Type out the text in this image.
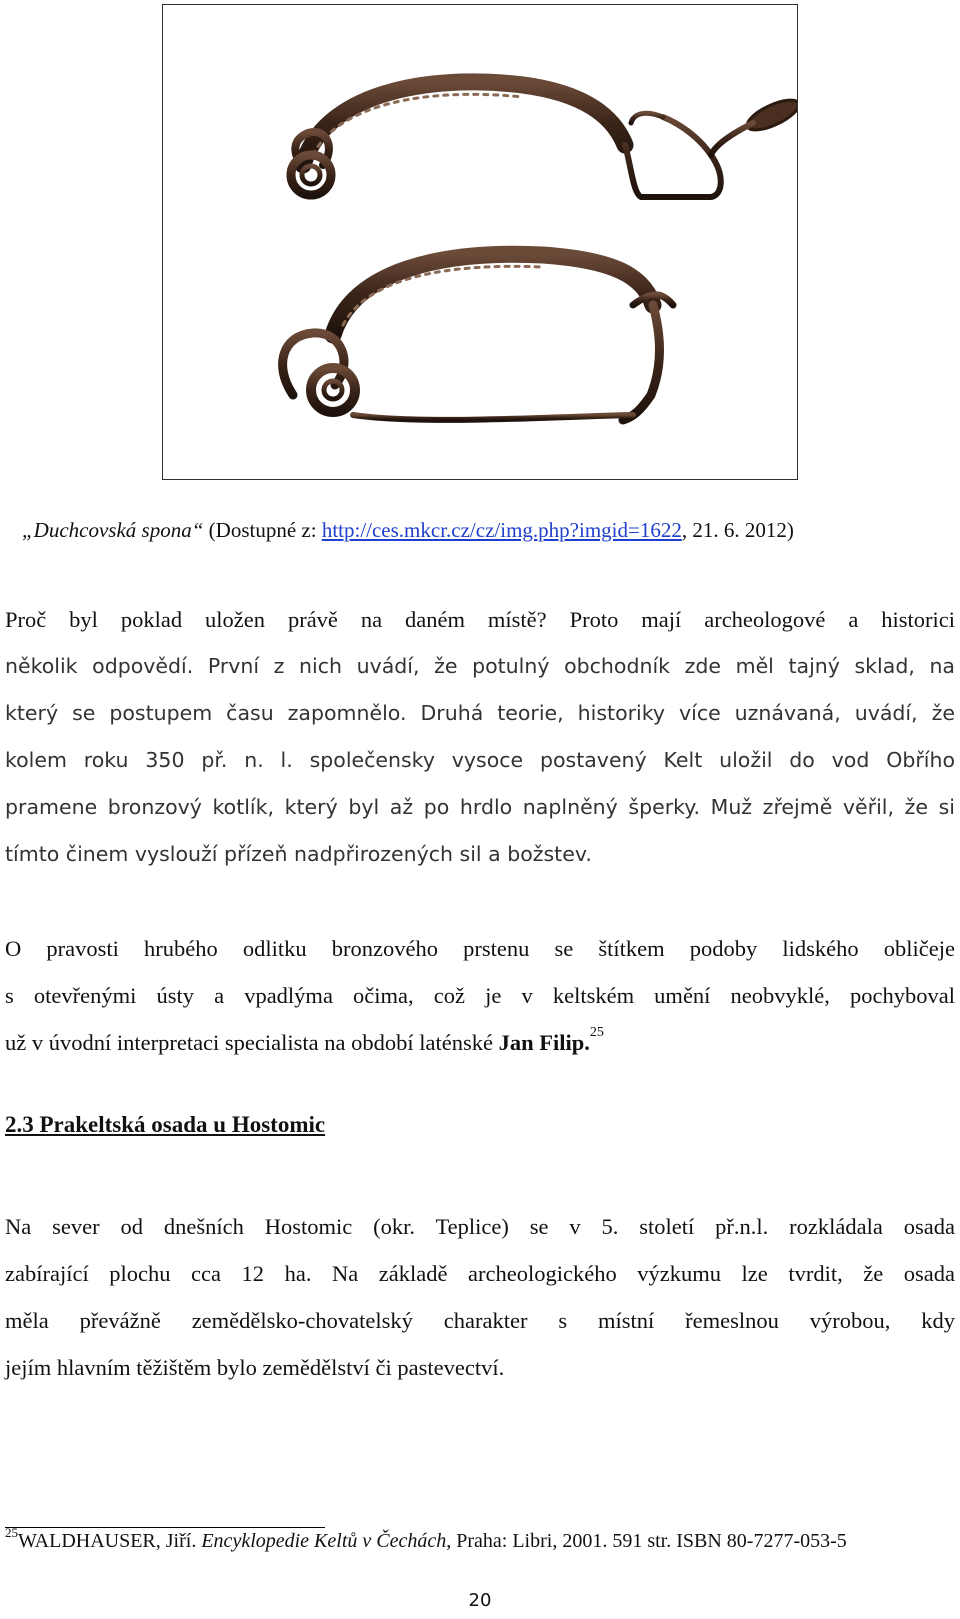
„Duchcovská spona“ (Dostupné z: http://ces.mkcr.cz/cz/img.php?imgid=1622, 21. 6. 2012)
Proč byl poklad uložen právě na daném místě? Proto mají archeologové a historici
několik odpovědí. První z nich uvádí, že potulný obchodník zde měl tajný sklad, na
který se postupem času zapomnělo. Druhá teorie, historiky více uznávaná, uvádí, že
kolem roku 350 př. n. l. společensky vysoce postavený Kelt uložil do vod Obřího
pramene bronzový kotlík, který byl až po hrdlo naplněný šperky. Muž zřejmě věřil, že si
tímto činem vyslouží přízeň nadpřirozených sil a božstev.
O pravosti hrubého odlitku bronzového prstenu se štítkem podoby lidského obličeje
s otevřenými ústy a vpadlýma očima, což je v keltském umění neobvyklé, pochyboval
už v úvodní interpretaci specialista na období laténské Jan Filip.$^{25}$
2.3 Prakeltská osada u Hostomic
Na sever od dnešních Hostomic (okr. Teplice) se v 5. století př.n.l. rozkládala osada
zabírající plochu cca 12 ha. Na základě archeologického výzkumu lze tvrdit, že osada
měla převážně zemědělsko-chovatelský charakter s místní řemeslnou výrobou, kdy
jejím hlavním těžištěm bylo zemědělství či pastevectví.
$^{25}$WALDHAUSER, Jiří. Encyklopedie Keltů v Čechách, Praha: Libri, 2001. 591 str. ISBN 80-7277-053-5
20
